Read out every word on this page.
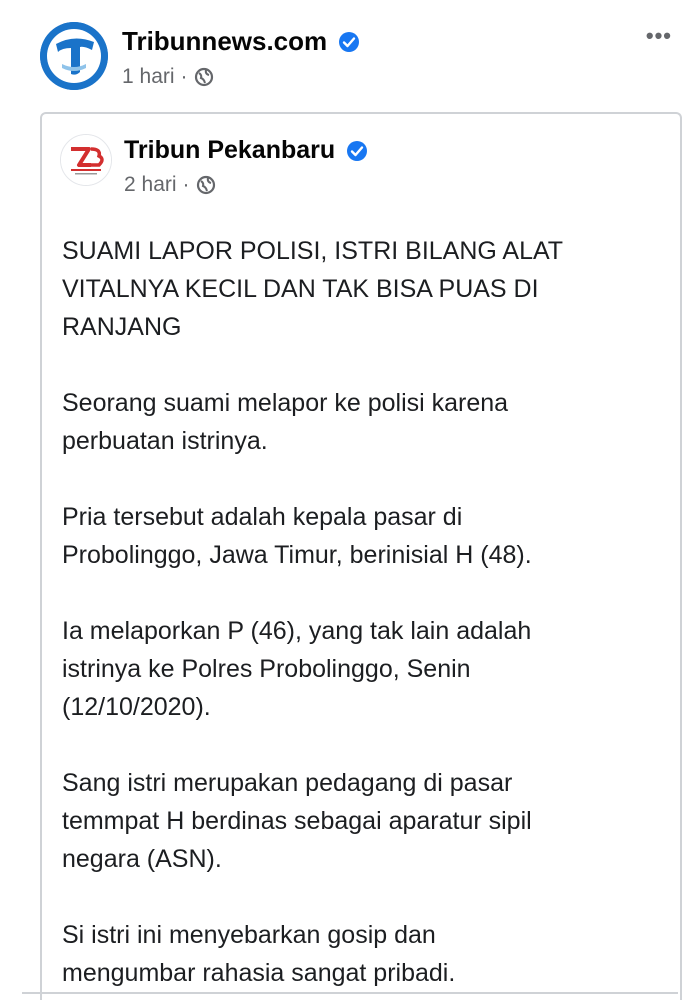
Tribunnews.com
1 hari ·
•••
Tribun Pekanbaru
2 hari ·

SUAMI LAPOR POLISI, ISTRI BILANG ALAT
VITALNYA KECIL DAN TAK BISA PUAS DI
RANJANG

Seorang suami melapor ke polisi karena
perbuatan istrinya.

Pria tersebut adalah kepala pasar di
Probolinggo, Jawa Timur, berinisial H (48).

Ia melaporkan P (46), yang tak lain adalah
istrinya ke Polres Probolinggo, Senin
(12/10/2020).

Sang istri merupakan pedagang di pasar
temmpat H berdinas sebagai aparatur sipil
negara (ASN).

Si istri ini menyebarkan gosip dan
mengumbar rahasia sangat pribadi.
